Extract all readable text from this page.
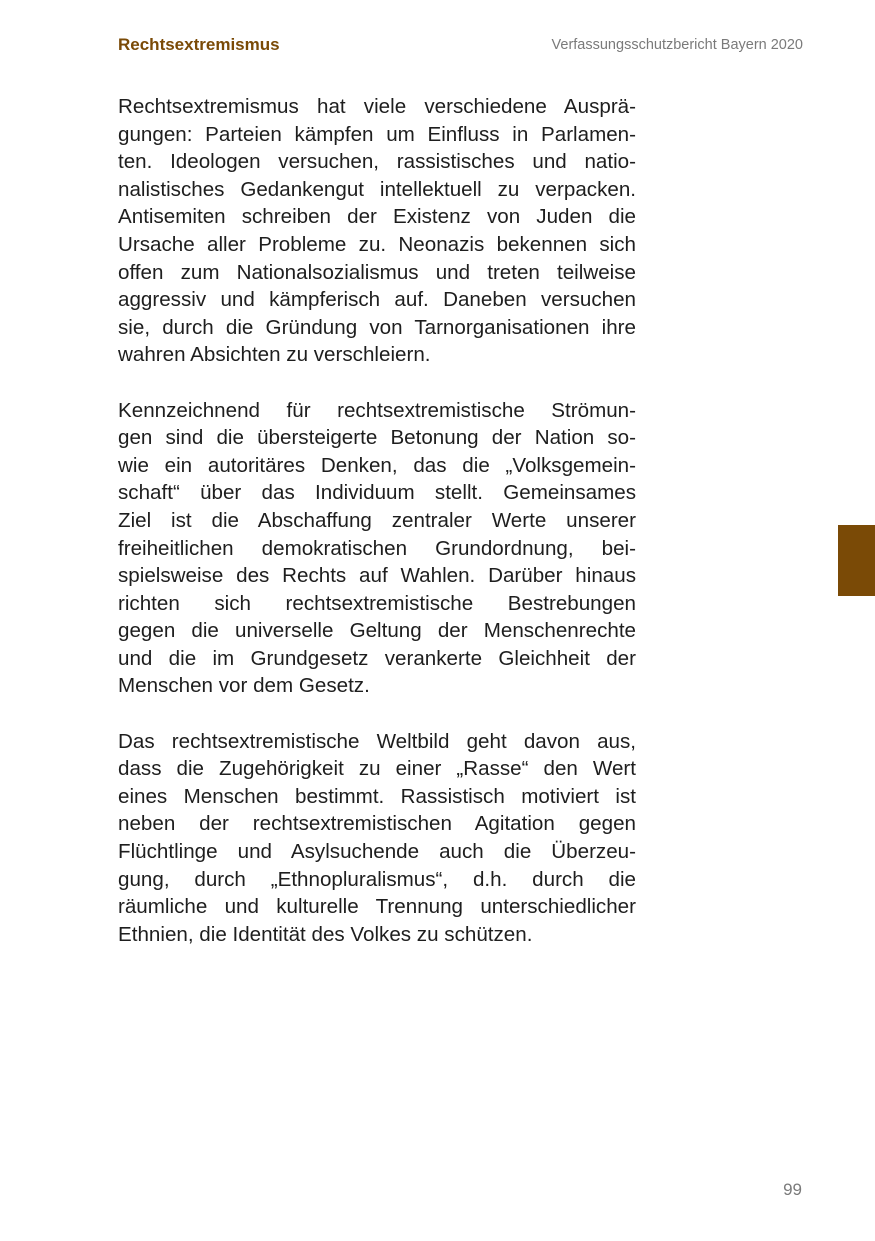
Rechtsextremismus	Verfassungsschutzbericht Bayern 2020

Rechtsextremismus hat viele verschiedene Ausprä-
gungen: Parteien kämpfen um Einfluss in Parlamen-
ten. Ideologen versuchen, rassistisches und natio-
nalistisches Gedankengut intellektuell zu verpacken.
Antisemiten schreiben der Existenz von Juden die
Ursache aller Probleme zu. Neonazis bekennen sich
offen zum Nationalsozialismus und treten teilweise
aggressiv und kämpferisch auf. Daneben versuchen
sie, durch die Gründung von Tarnorganisationen ihre
wahren Absichten zu verschleiern.

Kennzeichnend für rechtsextremistische Strömun-
gen sind die übersteigerte Betonung der Nation so-
wie ein autoritäres Denken, das die „Volksgemein-
schaft“ über das Individuum stellt. Gemeinsames
Ziel ist die Abschaffung zentraler Werte unserer
freiheitlichen demokratischen Grundordnung, bei-
spielsweise des Rechts auf Wahlen. Darüber hinaus
richten sich rechtsextremistische Bestrebungen
gegen die universelle Geltung der Menschenrechte
und die im Grundgesetz verankerte Gleichheit der
Menschen vor dem Gesetz.

Das rechtsextremistische Weltbild geht davon aus,
dass die Zugehörigkeit zu einer „Rasse“ den Wert
eines Menschen bestimmt. Rassistisch motiviert ist
neben der rechtsextremistischen Agitation gegen
Flüchtlinge und Asylsuchende auch die Überzeu-
gung, durch „Ethnopluralismus“, d.h. durch die
räumliche und kulturelle Trennung unterschiedlicher
Ethnien, die Identität des Volkes zu schützen.

99
